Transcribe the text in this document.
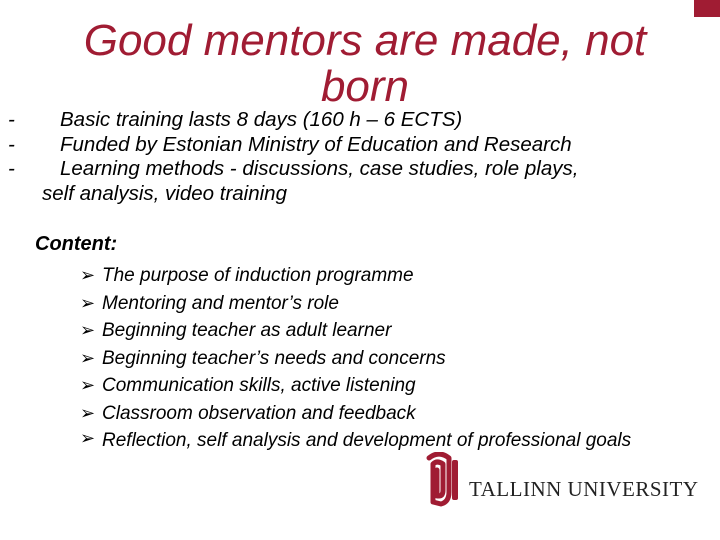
Good mentors are made, not born
- Basic training lasts 8 days (160 h – 6 ECTS)
- Funded by Estonian Ministry of Education and Research
- Learning methods - discussions, case studies, role plays,
self analysis, video training

Content:

➢ The purpose of induction programme
➢ Mentoring and mentor’s role
➢ Beginning teacher as adult learner
➢ Beginning teacher’s needs and concerns
➢ Communication skills, active listening
➢ Classroom observation and feedback
➢ Reflection, self analysis and development of professional goals
TALLINN UNIVERSITY
